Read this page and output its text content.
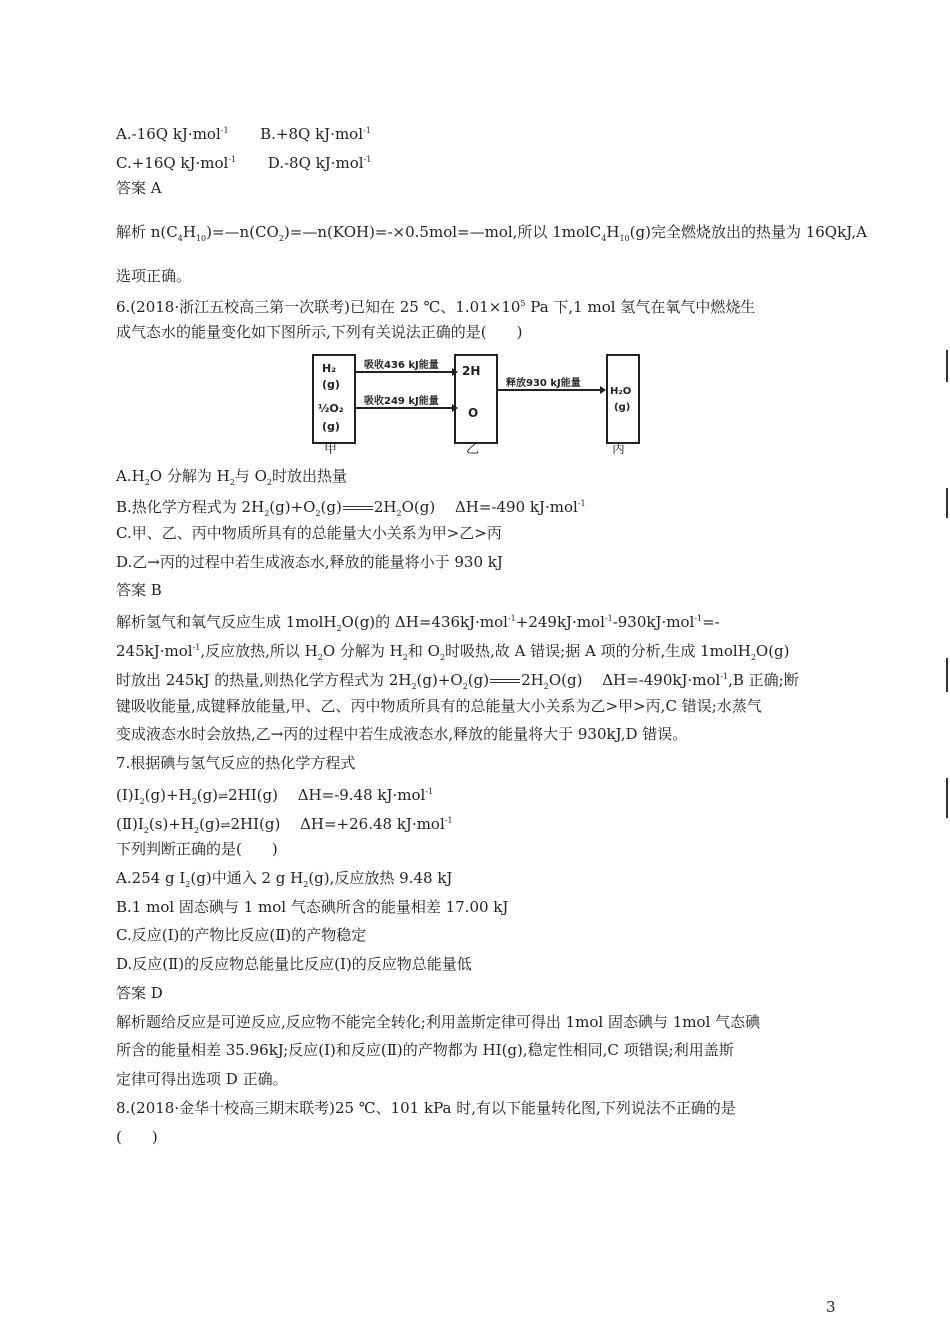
A.-16Q kJ·mol$^{-1}$ B.+8Q kJ·mol$^{-1}$
C.+16Q kJ·mol$^{-1}$ D.-8Q kJ·mol$^{-1}$
答案 A
解析 $n(C_4H_{10})=—n(CO_2)=—n(KOH)=-\times 0.5mol=—mol$,所以 $1molC_4H_{10}(g)$完全燃烧放出的热量为 16QkJ,A
选项正确。
6.(2018·浙江五校高三第一次联考)已知在 25 ℃、$1.01\times 10^5$ Pa 下,1 mol 氢气在氧气中燃烧生
成气态水的能量变化如下图所示,下列有关说法正确的是(　　)
H₂
(g)
½O₂
(g)
2H
O
H₂O
(g)
吸收436 kJ能量
吸收249 kJ能量
释放930 kJ能量
甲	乙	丙
$A.H_2O$ 分解为 $H_2$与 $O_2$时放出热量
B.热化学方程式为 $2H_2(g)+O_2(g)$ $2H_2O(g)$　 ΔH=-490 kJ·mol$^{-1}$
C.甲、乙、丙中物质所具有的总能量大小关系为甲>乙>丙
D.乙→丙的过程中若生成液态水,释放的能量将小于 930 kJ
答案 B
解析氢气和氧气反应生成 1molH$_2$O(g)的 ΔH=436kJ·mol$^{-1}$+249kJ·mol$^{-1}$-930kJ·mol$^{-1}$=-
245kJ·mol$^{-1}$,反应放热,所以 $H_2O$ 分解为 $H_2$和 $O_2$时吸热,故 A 错误;据 A 项的分析,生成 1molH$_2$O(g)
时放出 245kJ 的热量,则热化学方程式为 $2H_2(g)+O_2(g)$ $2H_2O(g)$　 ΔH=-490kJ·mol$^{-1}$,B 正确;断
键吸收能量,成键释放能量,甲、乙、丙中物质所具有的总能量大小关系为乙>甲>丙,C 错误;水蒸气
变成液态水时会放热,乙→丙的过程中若生成液态水,释放的能量将大于 930kJ,D 错误。
7.根据碘与氢气反应的热化学方程式
$(Ⅰ)I_2(g)+H_2(g)\rightleftharpoons 2HI(g)$　 ΔH=-9.48 kJ·mol$^{-1}$
$(Ⅱ)I_2(s)+H_2(g)\rightleftharpoons 2HI(g)$　 ΔH=+26.48 kJ·mol$^{-1}$
下列判断正确的是(　　)
A.254 g $I_2(g)$中通入 2 g $H_2(g)$,反应放热 9.48 kJ
B.1 mol 固态碘与 1 mol 气态碘所含的能量相差 17.00 kJ
C.反应(Ⅰ)的产物比反应(Ⅱ)的产物稳定
D.反应(Ⅱ)的反应物总能量比反应(Ⅰ)的反应物总能量低
答案 D
解析题给反应是可逆反应,反应物不能完全转化;利用盖斯定律可得出 1mol 固态碘与 1mol 气态碘
所含的能量相差 35.96kJ;反应(Ⅰ)和反应(Ⅱ)的产物都为 HI(g),稳定性相同,C 项错误;利用盖斯
定律可得出选项 D 正确。
8.(2018·金华十校高三期末联考)25 ℃、101 kPa 时,有以下能量转化图,下列说法不正确的是
(　　)
3
